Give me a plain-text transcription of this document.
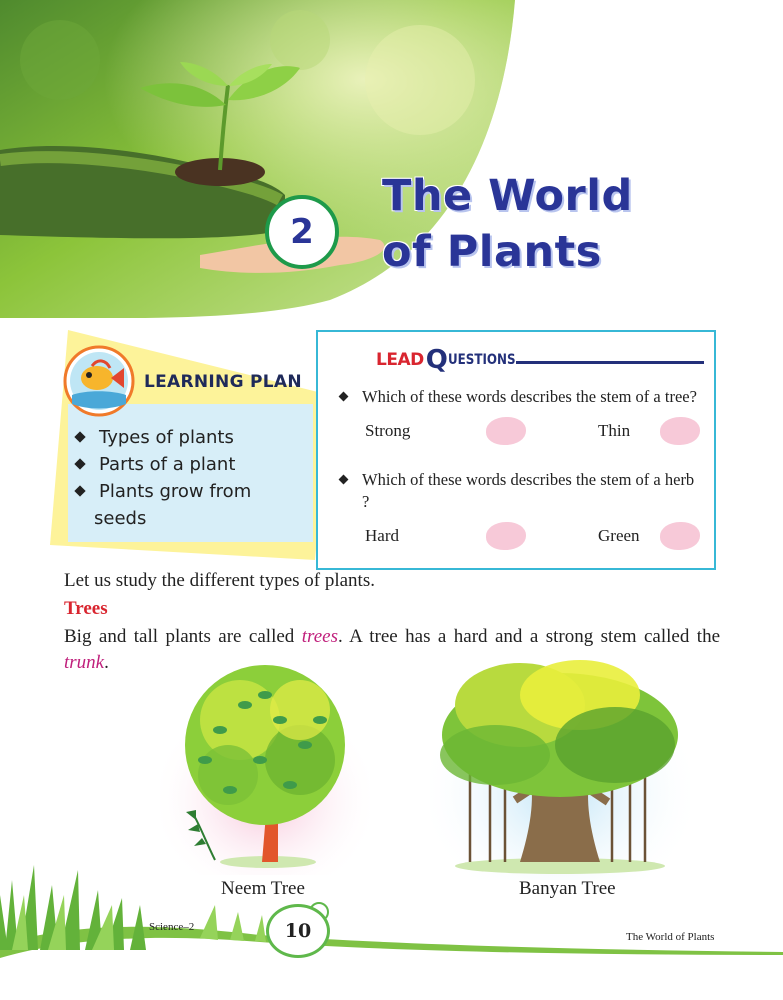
2
The World
of Plants
LEARNING PLAN
Types of plants
Parts of a plant
Plants grow from
seeds
LEAD Q UESTIONS
Which of these words describes the stem of a tree?
Strong	Thin
Which of these words describes the stem of a herb ?
Hard	Green
Let us study the different types of plants.
Trees
Big and tall plants are called trees. A tree has a hard and a strong stem called the trunk.
Neem Tree	Banyan Tree
Science–2	10	The World of Plants
